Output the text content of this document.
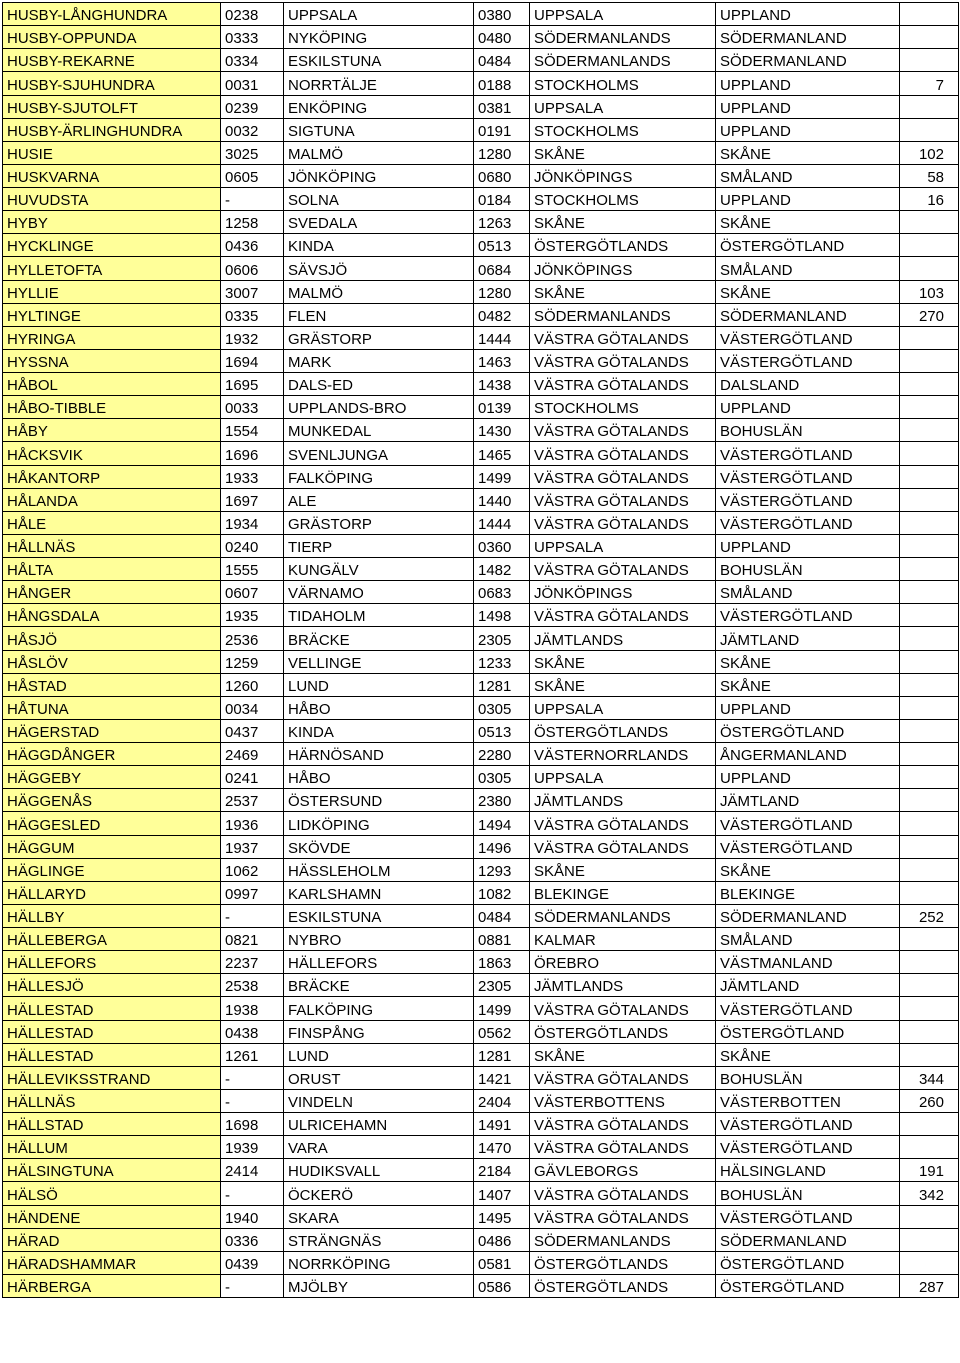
HUSBY-LÅNGHUNDRA	0238	UPPSALA	0380	UPPSALA	UPPLAND	
HUSBY-OPPUNDA	0333	NYKÖPING	0480	SÖDERMANLANDS	SÖDERMANLAND	
HUSBY-REKARNE	0334	ESKILSTUNA	0484	SÖDERMANLANDS	SÖDERMANLAND	
HUSBY-SJUHUNDRA	0031	NORRTÄLJE	0188	STOCKHOLMS	UPPLAND	7
HUSBY-SJUTOLFT	0239	ENKÖPING	0381	UPPSALA	UPPLAND	
HUSBY-ÄRLINGHUNDRA	0032	SIGTUNA	0191	STOCKHOLMS	UPPLAND	
HUSIE	3025	MALMÖ	1280	SKÅNE	SKÅNE	102
HUSKVARNA	0605	JÖNKÖPING	0680	JÖNKÖPINGS	SMÅLAND	58
HUVUDSTA	-	SOLNA	0184	STOCKHOLMS	UPPLAND	16
HYBY	1258	SVEDALA	1263	SKÅNE	SKÅNE	
HYCKLINGE	0436	KINDA	0513	ÖSTERGÖTLANDS	ÖSTERGÖTLAND	
HYLLETOFTA	0606	SÄVSJÖ	0684	JÖNKÖPINGS	SMÅLAND	
HYLLIE	3007	MALMÖ	1280	SKÅNE	SKÅNE	103
HYLTINGE	0335	FLEN	0482	SÖDERMANLANDS	SÖDERMANLAND	270
HYRINGA	1932	GRÄSTORP	1444	VÄSTRA GÖTALANDS	VÄSTERGÖTLAND	
HYSSNA	1694	MARK	1463	VÄSTRA GÖTALANDS	VÄSTERGÖTLAND	
HÅBOL	1695	DALS-ED	1438	VÄSTRA GÖTALANDS	DALSLAND	
HÅBO-TIBBLE	0033	UPPLANDS-BRO	0139	STOCKHOLMS	UPPLAND	
HÅBY	1554	MUNKEDAL	1430	VÄSTRA GÖTALANDS	BOHUSLÄN	
HÅCKSVIK	1696	SVENLJUNGA	1465	VÄSTRA GÖTALANDS	VÄSTERGÖTLAND	
HÅKANTORP	1933	FALKÖPING	1499	VÄSTRA GÖTALANDS	VÄSTERGÖTLAND	
HÅLANDA	1697	ALE	1440	VÄSTRA GÖTALANDS	VÄSTERGÖTLAND	
HÅLE	1934	GRÄSTORP	1444	VÄSTRA GÖTALANDS	VÄSTERGÖTLAND	
HÅLLNÄS	0240	TIERP	0360	UPPSALA	UPPLAND	
HÅLTA	1555	KUNGÄLV	1482	VÄSTRA GÖTALANDS	BOHUSLÄN	
HÅNGER	0607	VÄRNAMO	0683	JÖNKÖPINGS	SMÅLAND	
HÅNGSDALA	1935	TIDAHOLM	1498	VÄSTRA GÖTALANDS	VÄSTERGÖTLAND	
HÅSJÖ	2536	BRÄCKE	2305	JÄMTLANDS	JÄMTLAND	
HÅSLÖV	1259	VELLINGE	1233	SKÅNE	SKÅNE	
HÅSTAD	1260	LUND	1281	SKÅNE	SKÅNE	
HÅTUNA	0034	HÅBO	0305	UPPSALA	UPPLAND	
HÄGERSTAD	0437	KINDA	0513	ÖSTERGÖTLANDS	ÖSTERGÖTLAND	
HÄGGDÅNGER	2469	HÄRNÖSAND	2280	VÄSTERNORRLANDS	ÅNGERMANLAND	
HÄGGEBY	0241	HÅBO	0305	UPPSALA	UPPLAND	
HÄGGENÅS	2537	ÖSTERSUND	2380	JÄMTLANDS	JÄMTLAND	
HÄGGESLED	1936	LIDKÖPING	1494	VÄSTRA GÖTALANDS	VÄSTERGÖTLAND	
HÄGGUM	1937	SKÖVDE	1496	VÄSTRA GÖTALANDS	VÄSTERGÖTLAND	
HÄGLINGE	1062	HÄSSLEHOLM	1293	SKÅNE	SKÅNE	
HÄLLARYD	0997	KARLSHAMN	1082	BLEKINGE	BLEKINGE	
HÄLLBY	-	ESKILSTUNA	0484	SÖDERMANLANDS	SÖDERMANLAND	252
HÄLLEBERGA	0821	NYBRO	0881	KALMAR	SMÅLAND	
HÄLLEFORS	2237	HÄLLEFORS	1863	ÖREBRO	VÄSTMANLAND	
HÄLLESJÖ	2538	BRÄCKE	2305	JÄMTLANDS	JÄMTLAND	
HÄLLESTAD	1938	FALKÖPING	1499	VÄSTRA GÖTALANDS	VÄSTERGÖTLAND	
HÄLLESTAD	0438	FINSPÅNG	0562	ÖSTERGÖTLANDS	ÖSTERGÖTLAND	
HÄLLESTAD	1261	LUND	1281	SKÅNE	SKÅNE	
HÄLLEVIKSSTRAND	-	ORUST	1421	VÄSTRA GÖTALANDS	BOHUSLÄN	344
HÄLLNÄS	-	VINDELN	2404	VÄSTERBOTTENS	VÄSTERBOTTEN	260
HÄLLSTAD	1698	ULRICEHAMN	1491	VÄSTRA GÖTALANDS	VÄSTERGÖTLAND	
HÄLLUM	1939	VARA	1470	VÄSTRA GÖTALANDS	VÄSTERGÖTLAND	
HÄLSINGTUNA	2414	HUDIKSVALL	2184	GÄVLEBORGS	HÄLSINGLAND	191
HÄLSÖ	-	ÖCKERÖ	1407	VÄSTRA GÖTALANDS	BOHUSLÄN	342
HÄNDENE	1940	SKARA	1495	VÄSTRA GÖTALANDS	VÄSTERGÖTLAND	
HÄRAD	0336	STRÄNGNÄS	0486	SÖDERMANLANDS	SÖDERMANLAND	
HÄRADSHAMMAR	0439	NORRKÖPING	0581	ÖSTERGÖTLANDS	ÖSTERGÖTLAND	
HÄRBERGA	-	MJÖLBY	0586	ÖSTERGÖTLANDS	ÖSTERGÖTLAND	287
